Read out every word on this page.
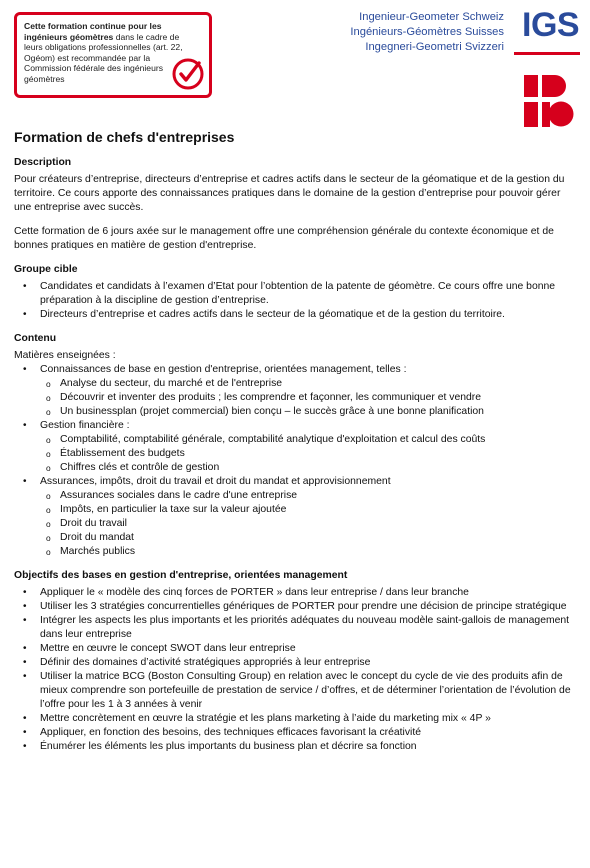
Cette formation continue pour les ingénieurs géomètres dans le cadre de leurs obligations professionnelles (art. 22, Ogéom) est recommandée par la Commission fédérale des ingénieurs géomètres
Ingenieur-Geometer Schweiz
Ingénieurs-Géomètres Suisses
Ingegneri-Geometri Svizzeri
IGS
Formation de chefs d'entreprises
Description

Pour créateurs d’entreprise, directeurs d’entreprise et cadres actifs dans le secteur de la géomatique et de la gestion du territoire. Ce cours apporte des connaissances pratiques dans le domaine de la gestion d’entreprise pour pouvoir gérer une entreprise avec succès.

Cette formation de 6 jours axée sur le management offre une compréhension générale du contexte économique et de bonnes pratiques en matière de gestion d'entreprise.

Groupe cible
• Candidates et candidats à l’examen d’Etat pour l’obtention de la patente de géomètre. Ce cours offre une bonne préparation à la discipline de gestion d’entreprise.
• Directeurs d’entreprise et cadres actifs dans le secteur de la géomatique et de la gestion du territoire.
Contenu

Matières enseignées :

• Connaissances de base en gestion d'entreprise, orientées management, telles :
o Analyse du secteur, du marché et de l'entreprise
o Découvrir et inventer des produits ; les comprendre et façonner, les communiquer et vendre
o Un businessplan (projet commercial) bien conçu – le succès grâce à une bonne planification
• Gestion financière :
o Comptabilité, comptabilité générale, comptabilité analytique d'exploitation et calcul des coûts
o Établissement des budgets
o Chiffres clés et contrôle de gestion
• Assurances, impôts, droit du travail et droit du mandat et approvisionnement
o Assurances sociales dans le cadre d'une entreprise
o Impôts, en particulier la taxe sur la valeur ajoutée
o Droit du travail
o Droit du mandat
o Marchés publics
Objectifs des bases en gestion d'entreprise, orientées management
• Appliquer le « modèle des cinq forces de PORTER » dans leur entreprise / dans leur branche
• Utiliser les 3 stratégies concurrentielles génériques de PORTER pour prendre une décision de principe stratégique
• Intégrer les aspects les plus importants et les priorités adéquates du nouveau modèle saint-gallois de management dans leur entreprise
• Mettre en œuvre le concept SWOT dans leur entreprise
• Définir des domaines d’activité stratégiques appropriés à leur entreprise
• Utiliser la matrice BCG (Boston Consulting Group) en relation avec le concept du cycle de vie des produits afin de mieux comprendre son portefeuille de prestation de service / d’offres, et de déterminer l’orientation de l’évolution de l’offre pour les 1 à 3 années à venir
• Mettre concrètement en œuvre la stratégie et les plans marketing à l’aide du marketing mix « 4P »
• Appliquer, en fonction des besoins, des techniques efficaces favorisant la créativité
• Énumérer les éléments les plus importants du business plan et décrire sa fonction
